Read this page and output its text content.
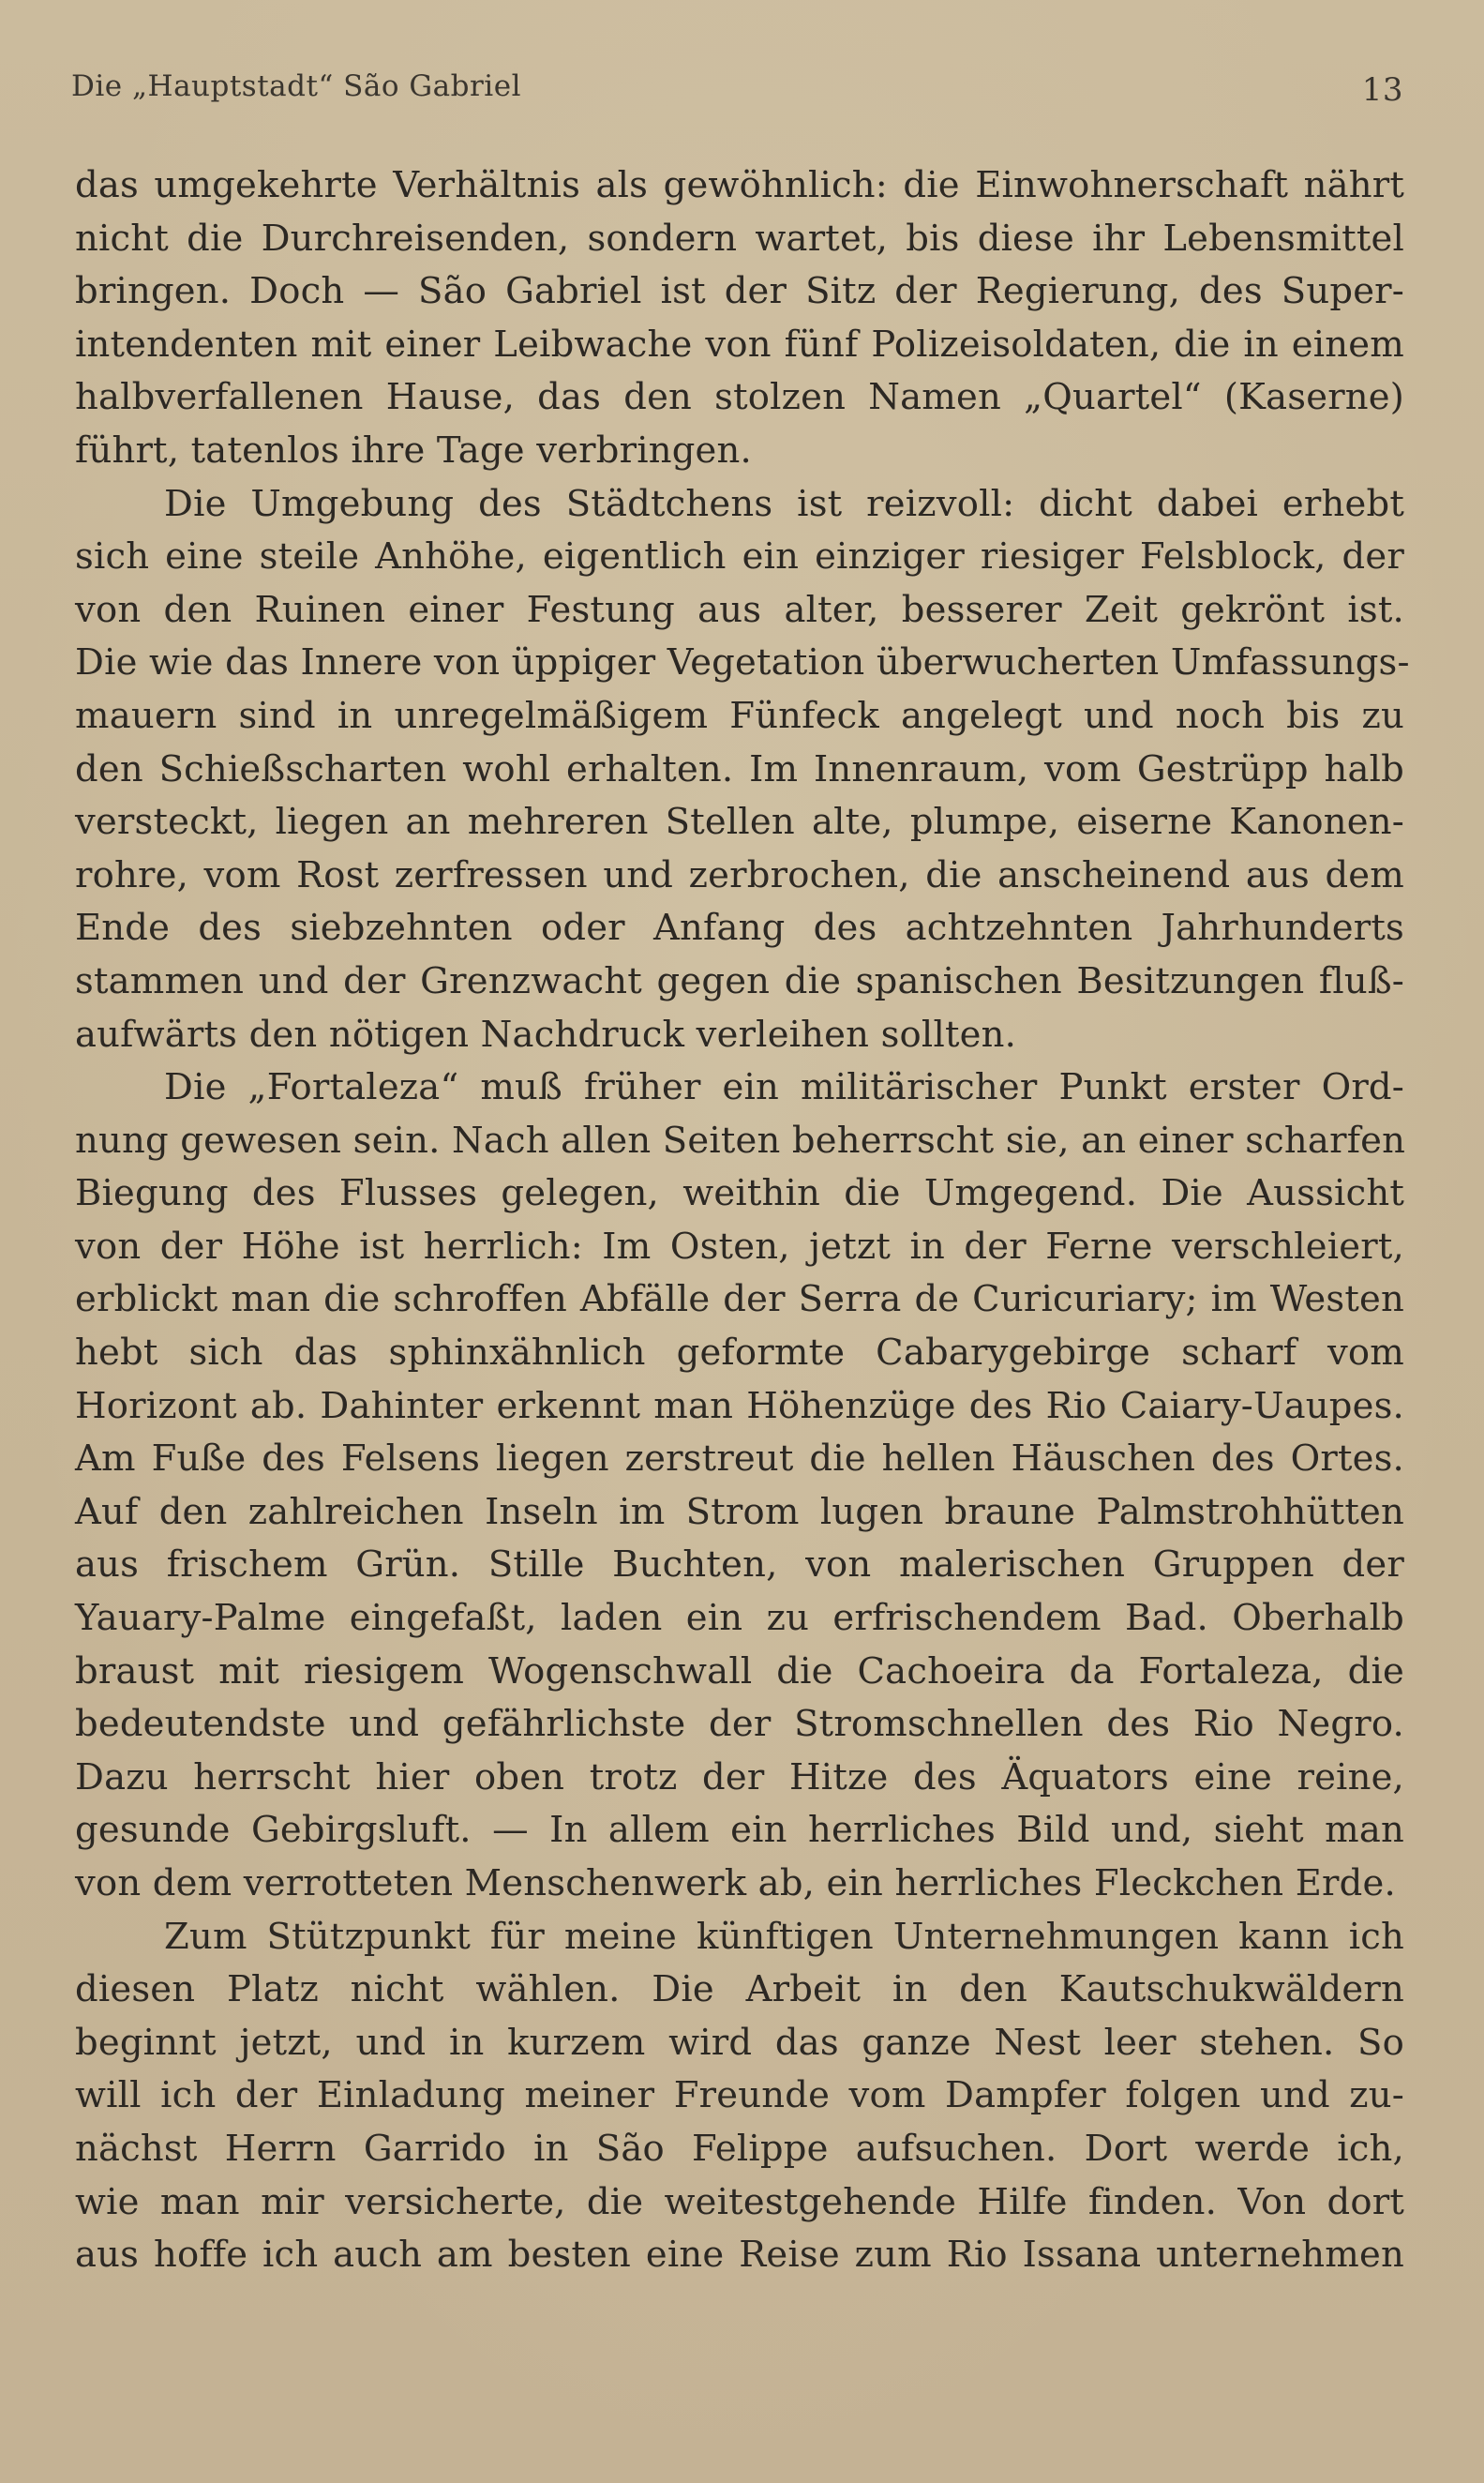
Die „Hauptstadt“ São Gabriel	13

das umgekehrte Verhältnis als gewöhnlich: die Einwohnerschaft nährt
nicht die Durchreisenden, sondern wartet, bis diese ihr Lebensmittel
bringen. Doch — São Gabriel ist der Sitz der Regierung, des Super-
intendenten mit einer Leibwache von fünf Polizeisoldaten, die in einem
halbverfallenen Hause, das den stolzen Namen „Quartel“ (Kaserne)
führt, tatenlos ihre Tage verbringen.

Die Umgebung des Städtchens ist reizvoll: dicht dabei erhebt
sich eine steile Anhöhe, eigentlich ein einziger riesiger Felsblock, der
von den Ruinen einer Festung aus alter, besserer Zeit gekrönt ist.
Die wie das Innere von üppiger Vegetation überwucherten Umfassungs-
mauern sind in unregelmäßigem Fünfeck angelegt und noch bis zu
den Schießscharten wohl erhalten. Im Innenraum, vom Gestrüpp halb
versteckt, liegen an mehreren Stellen alte, plumpe, eiserne Kanonen-
rohre, vom Rost zerfressen und zerbrochen, die anscheinend aus dem
Ende des siebzehnten oder Anfang des achtzehnten Jahrhunderts
stammen und der Grenzwacht gegen die spanischen Besitzungen fluß-
aufwärts den nötigen Nachdruck verleihen sollten.

Die „Fortaleza“ muß früher ein militärischer Punkt erster Ord-
nung gewesen sein. Nach allen Seiten beherrscht sie, an einer scharfen
Biegung des Flusses gelegen, weithin die Umgegend. Die Aussicht
von der Höhe ist herrlich: Im Osten, jetzt in der Ferne verschleiert,
erblickt man die schroffen Abfälle der Serra de Curicuriary; im Westen
hebt sich das sphinxähnlich geformte Cabarygebirge scharf vom
Horizont ab. Dahinter erkennt man Höhenzüge des Rio Caiary-Uaupes.
Am Fuße des Felsens liegen zerstreut die hellen Häuschen des Ortes.
Auf den zahlreichen Inseln im Strom lugen braune Palmstrohhütten
aus frischem Grün. Stille Buchten, von malerischen Gruppen der
Yauary-Palme eingefaßt, laden ein zu erfrischendem Bad. Oberhalb
braust mit riesigem Wogenschwall die Cachoeira da Fortaleza, die
bedeutendste und gefährlichste der Stromschnellen des Rio Negro.
Dazu herrscht hier oben trotz der Hitze des Äquators eine reine,
gesunde Gebirgsluft. — In allem ein herrliches Bild und, sieht man
von dem verrotteten Menschenwerk ab, ein herrliches Fleckchen Erde.

Zum Stützpunkt für meine künftigen Unternehmungen kann ich
diesen Platz nicht wählen. Die Arbeit in den Kautschukwäldern
beginnt jetzt, und in kurzem wird das ganze Nest leer stehen. So
will ich der Einladung meiner Freunde vom Dampfer folgen und zu-
nächst Herrn Garrido in São Felippe aufsuchen. Dort werde ich,
wie man mir versicherte, die weitestgehende Hilfe finden. Von dort
aus hoffe ich auch am besten eine Reise zum Rio Issana unternehmen
